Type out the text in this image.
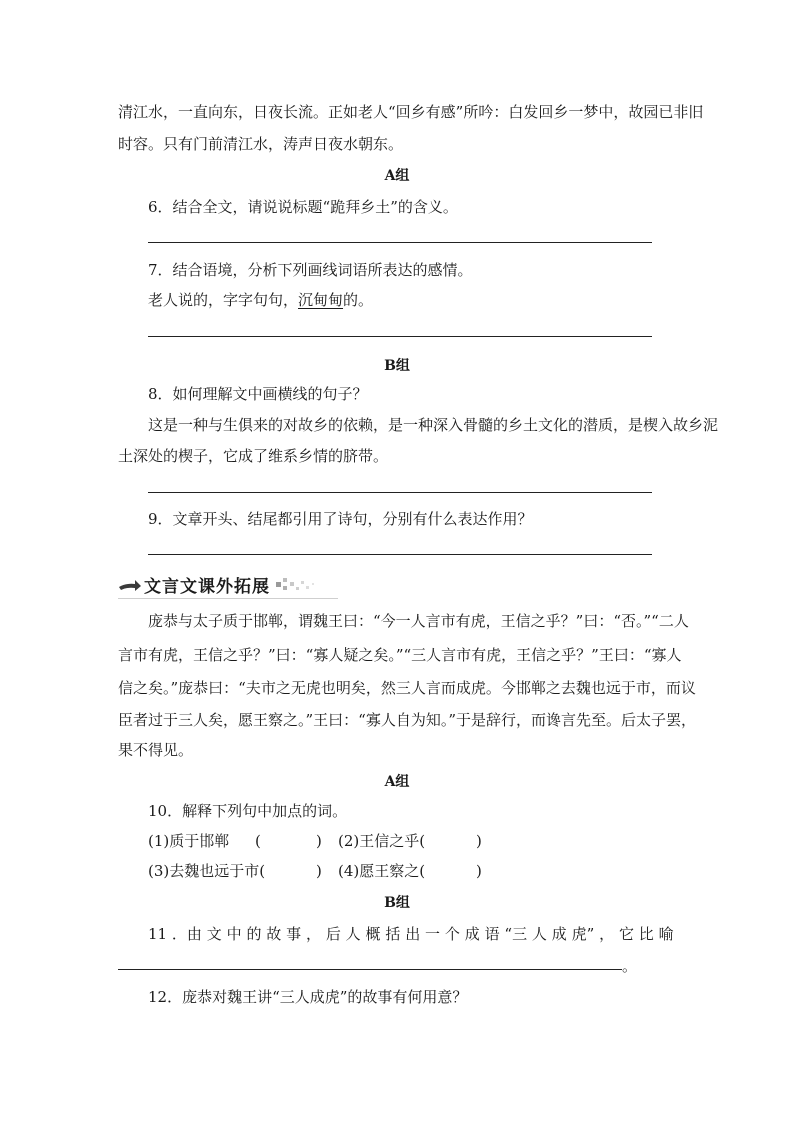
清江水，一直向东，日夜长流。正如老人“回乡有感”所吟：白发回乡一梦中，故园已非旧
时容。只有门前清江水，涛声日夜水朝东。
A组
6．结合全文，请说说标题“跪拜乡土”的含义。
7．结合语境，分析下列画线词语所表达的感情。
老人说的，字字句句，沉甸甸的。
B组
8．如何理解文中画横线的句子？
这是一种与生俱来的对故乡的依赖，是一种深入骨髓的乡土文化的潜质，是楔入故乡泥
土深处的楔子，它成了维系乡情的脐带。
9．文章开头、结尾都引用了诗句，分别有什么表达作用？
文言文课外拓展
庞恭与太子质于邯郸，谓魏王曰：“今一人言市有虎，王信之乎？”曰：“否。”“二人
言市有虎，王信之乎？”曰：“寡人疑之矣。”“三人言市有虎，王信之乎？”王曰：“寡人
信之矣。”庞恭曰：“夫市之无虎也明矣，然三人言而成虎。今邯郸之去魏也远于市，而议
臣者过于三人矣，愿王察之。”王曰：“寡人自为知。”于是辞行，而谗言先至。后太子罢，
果不得见。
A组
10．解释下列句中加点的词。
(1)质于邯郸 (	) (2)王信之乎(	)
(3)去魏也远于市(	) (4)愿王察之(	)
B组
11 ．由 文 中 的 故 事 ， 后 人 概 括 出 一 个 成 语 “三 人 成 虎” ， 它 比 喻
。
12．庞恭对魏王讲“三人成虎”的故事有何用意？
